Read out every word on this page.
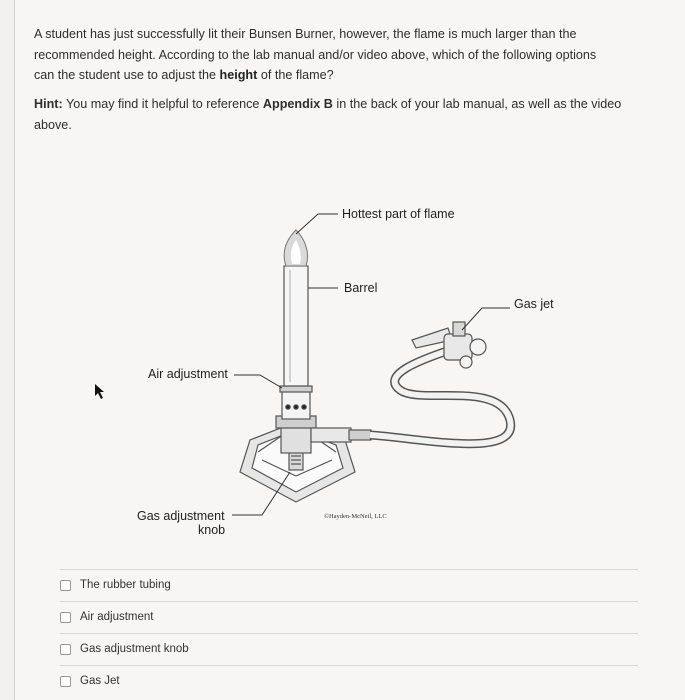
A student has just successfully lit their Bunsen Burner, however, the flame is much larger than the
recommended height. According to the lab manual and/or video above, which of the following options
can the student use to adjust the height of the flame?
Hint: You may find it helpful to reference Appendix B in the back of your lab manual, as well as the video
above.
Hottest part of flame
Barrel
Gas jet
Air adjustment
Gas adjustment
knob
©Hayden-McNeil, LLC
The rubber tubing
Air adjustment
Gas adjustment knob
Gas Jet
